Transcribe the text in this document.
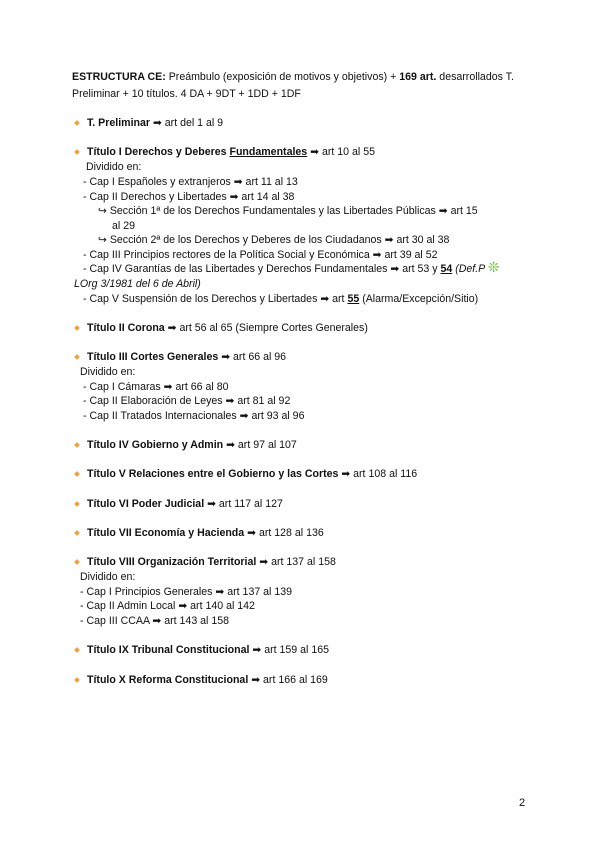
ESTRUCTURA CE: Preámbulo (exposición de motivos y objetivos) + 169 art. desarrollados T. Preliminar + 10 títulos. 4 DA + 9DT + 1DD + 1DF
T. Preliminar ➡ art del 1 al 9
Título I Derechos y Deberes Fundamentales ➡ art 10 al 55
Dividido en:
- Cap I Españoles y extranjeros ➡ art 11 al 13
- Cap II Derechos y Libertades ➡ art 14 al 38
↪ Sección 1ª de los Derechos Fundamentales y las Libertades Públicas ➡ art 15
al 29
↪ Sección 2ª de los Derechos y Deberes de los Ciudadanos ➡ art 30 al 38
- Cap III Principios rectores de la Política Social y Económica ➡ art 39 al 52
- Cap IV Garantías de las Libertades y Derechos Fundamentales ➡ art 53 y 54 (Def.P ❊
LOrg 3/1981 del 6 de Abril)
- Cap V Suspensión de los Derechos y Libertades ➡ art 55 (Alarma/Excepción/Sitio)
Título II Corona ➡ art 56 al 65 (Siempre Cortes Generales)
Título III Cortes Generales ➡ art 66 al 96
Dividido en:
- Cap I Cámaras ➡ art 66 al 80
- Cap II Elaboración de Leyes ➡ art 81 al 92
- Cap II Tratados Internacionales ➡ art 93 al 96
Título IV Gobierno y Admin ➡ art 97 al 107
Título V Relaciones entre el Gobierno y las Cortes ➡ art 108 al 116
Título VI Poder Judicial ➡ art 117 al 127
Título VII Economía y Hacienda ➡ art 128 al 136
Título VIII Organización Territorial ➡ art 137 al 158
Dividido en:
- Cap I Principios Generales ➡ art 137 al 139
- Cap II Admin Local ➡ art 140 al 142
- Cap III CCAA ➡ art 143 al 158
Título IX Tribunal Constitucional ➡ art 159 al 165
Título X Reforma Constitucional ➡ art 166 al 169
2
